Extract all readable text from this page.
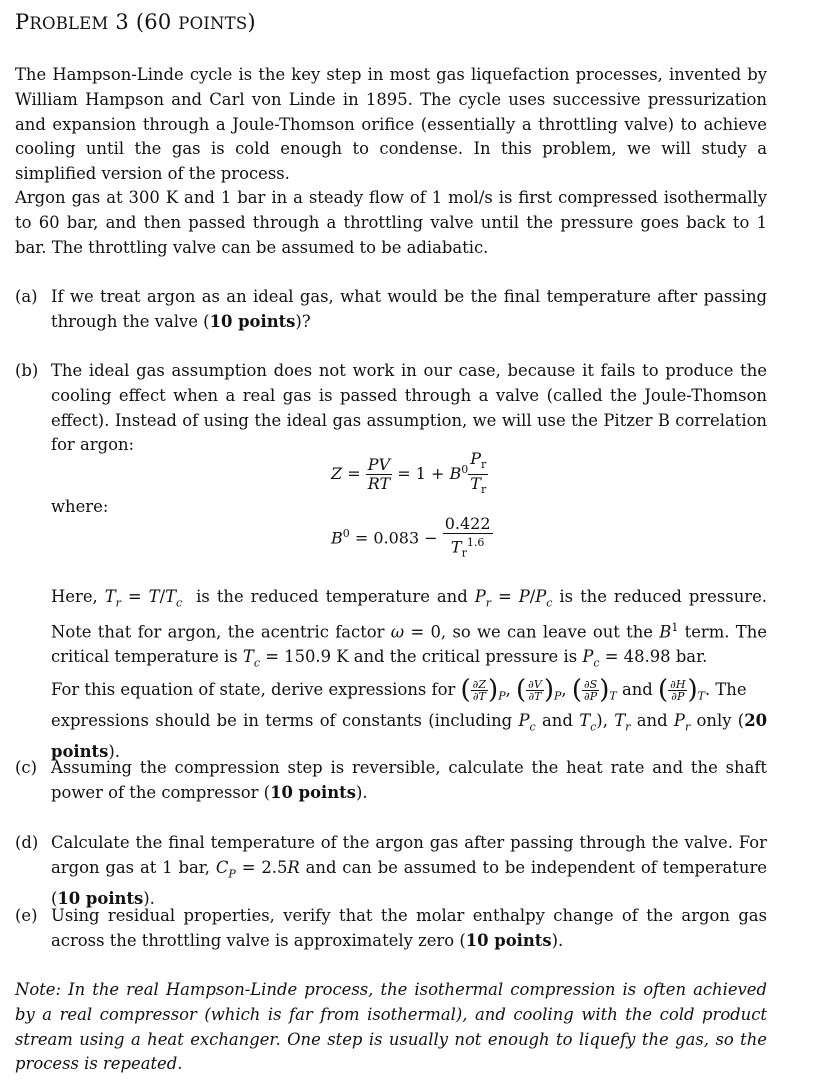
PROBLEM 3 (60 POINTS)
The Hampson-Linde cycle is the key step in most gas liquefaction processes, invented by William Hampson and Carl von Linde in 1895. The cycle uses successive pressurization and expansion through a Joule-Thomson orifice (essentially a throttling valve) to achieve cooling until the gas is cold enough to condense. In this problem, we will study a simplified version of the process.
Argon gas at 300 K and 1 bar in a steady flow of 1 mol/s is first compressed isothermally to 60 bar, and then passed through a throttling valve until the pressure goes back to 1 bar. The throttling valve can be assumed to be adiabatic.
(a) If we treat argon as an ideal gas, what would be the final temperature after passing through the valve (10 points)?
(b) The ideal gas assumption does not work in our case, because it fails to produce the cooling effect when a real gas is passed through a valve (called the Joule-Thomson effect). Instead of using the ideal gas assumption, we will use the Pitzer B correlation for argon:
$Z = \frac{PV}{RT} = 1 + B^0 \frac{P_r}{T_r}$
where:
$B^0 = 0.083 - \frac{0.422}{T_r^{1.6}}$
Here, $T_r = T/T_c$  is the reduced temperature and $P_r = P/P_c$ is the reduced pressure. Note that for argon, the acentric factor ω = 0, so we can leave out the $B^1$ term. The critical temperature is $T_c = 150.9$ K and the critical pressure is $P_c = 48.98$ bar.
For this equation of state, derive expressions for ( $\frac{\partial Z}{\partial T} )_P$, ( $\frac{\partial V}{\partial T} )_P$, ( $\frac{\partial S}{\partial P} )_T$ and ( $\frac{\partial H}{\partial P} )_T$. The
expressions should be in terms of constants (including $P_c$ and $T_c$), $T_r$ and $P_r$ only (20 points).
(c) Assuming the compression step is reversible, calculate the heat rate and the shaft power of the compressor (10 points).
(d) Calculate the final temperature of the argon gas after passing through the valve. For argon gas at 1 bar, $C_P = 2.5R$ and can be assumed to be independent of temperature (10 points).
(e) Using residual properties, verify that the molar enthalpy change of the argon gas across the throttling valve is approximately zero (10 points).
Note: In the real Hampson-Linde process, the isothermal compression is often achieved by a real compressor (which is far from isothermal), and cooling with the cold product stream using a heat exchanger. One step is usually not enough to liquefy the gas, so the process is repeated.
